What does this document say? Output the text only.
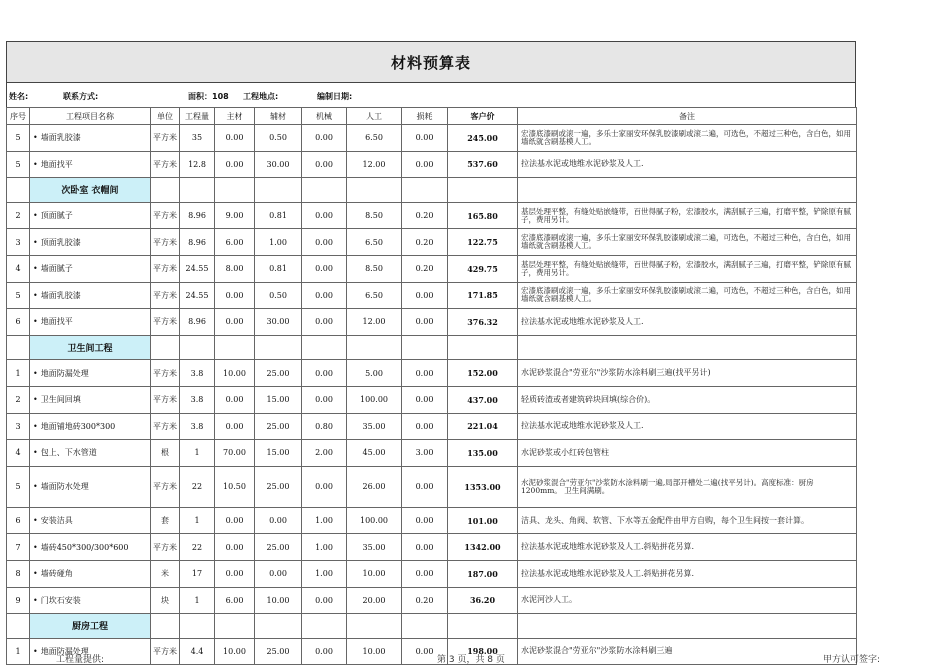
材料预算表
姓名:	联系方式:	面积：108 工程地点:	编制日期:
序号	工程项目名称	单位	工程量	主材	辅材	机械	人工	损耗	客户价	备注
5	• 墙面乳胶漆	平方米	35	0.00	0.50	0.00	6.50	0.00	245.00	宏漆底漆刷或滚一遍，多乐士家丽安环保乳胶漆刷或滚二遍，可选色，不超过三种色，含白色，如用墙纸就含刷基模人工。
5	• 地面找平	平方米	12.8	0.00	30.00	0.00	12.00	0.00	537.60	拉法基水泥或地维水泥砂浆及人工.
	次卧室 衣帽间									
2	• 顶面腻子	平方米	8.96	9.00	0.81	0.00	8.50	0.20	165.80	基层处理平整，有缝处贴嵌缝带，百世得腻子粉，宏漆胶水，满刮腻子三遍，打磨平整，铲除原有腻子，费用另计。
3	• 顶面乳胶漆	平方米	8.96	6.00	1.00	0.00	6.50	0.20	122.75	宏漆底漆刷或滚一遍，多乐士家丽安环保乳胶漆刷或滚二遍，可选色，不超过三种色，含白色，如用墙纸就含刷基模人工。
4	• 墙面腻子	平方米	24.55	8.00	0.81	0.00	8.50	0.20	429.75	基层处理平整，有缝处贴嵌缝带，百世得腻子粉，宏漆胶水，满刮腻子三遍，打磨平整，铲除原有腻子，费用另计。
5	• 墙面乳胶漆	平方米	24.55	0.00	0.50	0.00	6.50	0.00	171.85	宏漆底漆刷或滚一遍，多乐士家丽安环保乳胶漆刷或滚二遍，可选色，不超过三种色，含白色，如用墙纸就含刷基模人工。
6	• 地面找平	平方米	8.96	0.00	30.00	0.00	12.00	0.00	376.32	拉法基水泥或地维水泥砂浆及人工.
	卫生间工程									
1	• 地面防漏处理	平方米	3.8	10.00	25.00	0.00	5.00	0.00	152.00	水泥砂浆混合"劳亚尔"沙浆防水涂料刷三遍(找平另计)
2	• 卫生间回填	平方米	3.8	0.00	15.00	0.00	100.00	0.00	437.00	轻质砖渣或者建筑碎块回填(综合价)。
3	• 地面铺地砖300*300	平方米	3.8	0.00	25.00	0.80	35.00	0.00	221.04	拉法基水泥或地维水泥砂浆及人工.
4	• 包上、下水管道	根	1	70.00	15.00	2.00	45.00	3.00	135.00	水泥砂浆或小红砖包管柱
5	• 墙面防水处理	平方米	22	10.50	25.00	0.00	26.00	0.00	1353.00	水泥砂浆混合"劳亚尔"沙浆防水涂料刷一遍,局部开槽处二遍(找平另计)。高度标准：厨房1200mm。 卫生间满刷。
6	• 安装洁具	套	1	0.00	0.00	1.00	100.00	0.00	101.00	洁具、龙头、角阀、软管、下水等五金配件由甲方自购，每个卫生间按一套计算。
7	• 墙砖450*300/300*600	平方米	22	0.00	25.00	1.00	35.00	0.00	1342.00	拉法基水泥或地维水泥砂浆及人工.斜贴拼花另算.
8	• 墙砖碰角	米	17	0.00	0.00	1.00	10.00	0.00	187.00	拉法基水泥或地维水泥砂浆及人工.斜贴拼花另算.
9	• 门坎石安装	块	1	6.00	10.00	0.00	20.00	0.20	36.20	水泥河沙人工。
	厨房工程									
1	• 地面防漏处理	平方米	4.4	10.00	25.00	0.00	10.00	0.00	198.00	水泥砂浆混合"劳亚尔"沙浆防水涂料刷三遍
工程量提供:	第 3 页，共 8 页	甲方认可签字:
